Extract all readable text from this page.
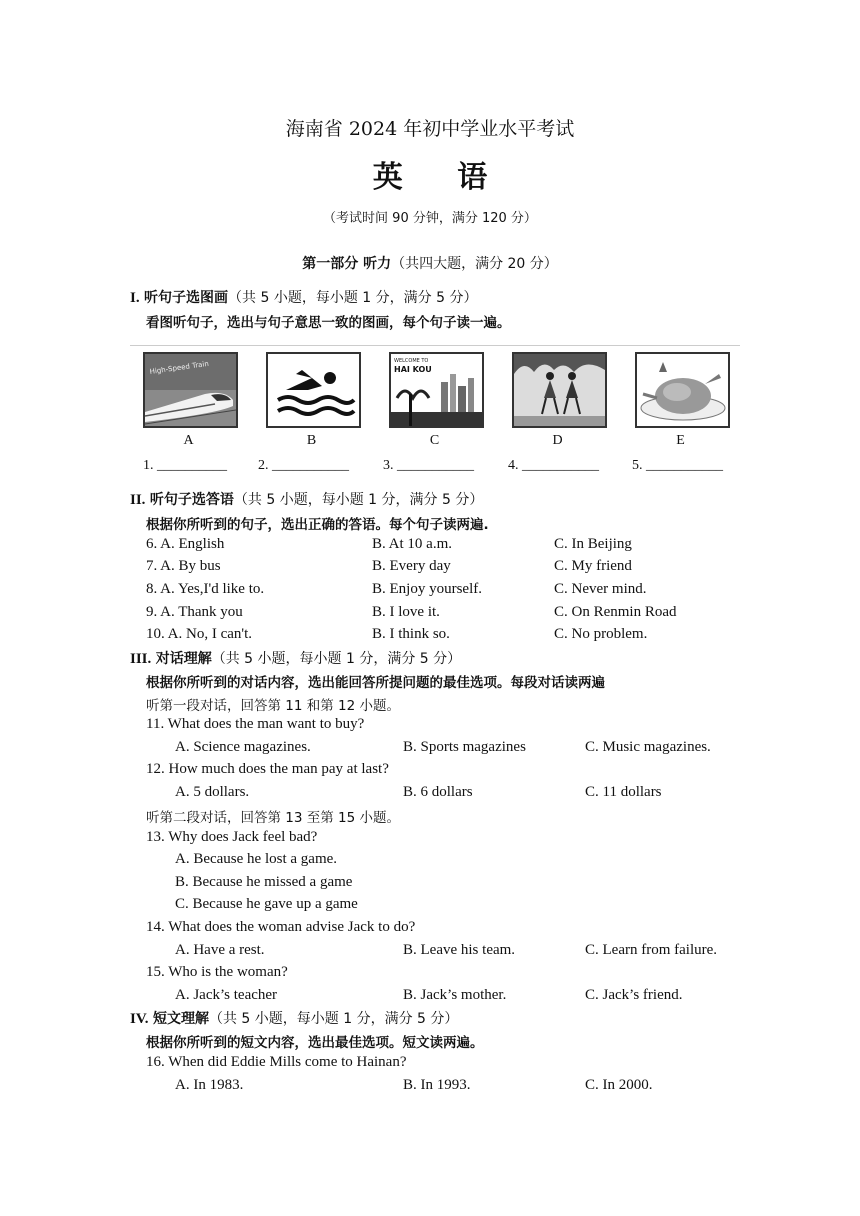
海南省 2024 年初中学业水平考试
英 语
（考试时间 90 分钟，满分 120 分）
第一部分 听力（共四大题，满分 20 分）
I. 听句子选图画（共 5 小题，每小题 1 分，满分 5 分）
看图听句子，选出与句子意思一致的图画，每个句子读一遍。
High-Speed Train
A	B
WELCOME TO
HAI KOU
C	D	E
1. __________ 2. ___________ 3. ___________ 4. ___________ 5. ___________
II. 听句子选答语（共 5 小题，每小题 1 分，满分 5 分）
根据你所听到的句子，选出正确的答语。每个句子读两遍.
6. A. English	B. At 10 a.m.	C. In Beijing
7. A. By bus	B. Every day	C. My friend
8. A. Yes,I'd like to.	B. Enjoy yourself.	C. Never mind.
9. A. Thank you	B. I love it.	C. On Renmin Road
10. A. No, I can't.	B. I think so.	C. No problem.
III. 对话理解（共 5 小题，每小题 1 分，满分 5 分）
根据你所听到的对话内容，选出能回答所提问题的最佳选项。每段对话读两遍
听第一段对话，回答第 11 和第 12 小题。
11. What does the man want to buy?
A. Science magazines.	B. Sports magazines	C. Music magazines.
12. How much does the man pay at last?
A. 5 dollars.	B. 6 dollars	C. 11 dollars
听第二段对话，回答第 13 至第 15 小题。
13. Why does Jack feel bad?
A. Because he lost a game.
B. Because he missed a game
C. Because he gave up a game
14. What does the woman advise Jack to do?
A. Have a rest.	B. Leave his team.	C. Learn from failure.
15. Who is the woman?
A. Jack’s teacher	B. Jack’s mother.	C. Jack’s friend.
IV. 短文理解（共 5 小题，每小题 1 分，满分 5 分）
根据你所听到的短文内容，选出最佳选项。短文读两遍。
16. When did Eddie Mills come to Hainan?
A. In 1983.	B. In 1993.	C. In 2000.
